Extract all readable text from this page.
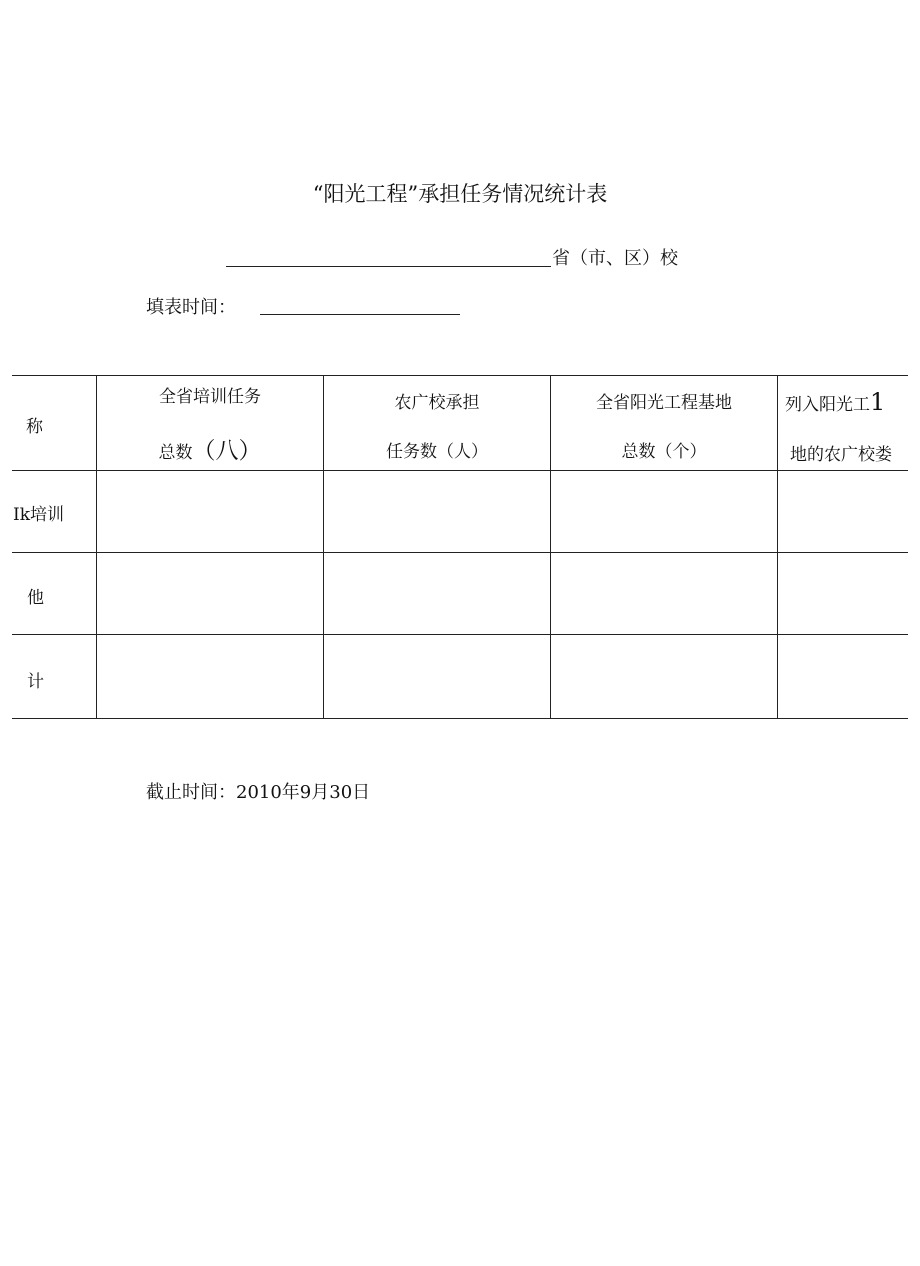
“阳光工程”承担任务情况统计表
省（市、区）校
填表时间：
称
全省培训任务
总数（八）
农广校承担
任务数（人）
全省阳光工程基地
总数（个）
列入阳光工1
地的农广校娄
Ik培训
他
计
截止时间：2010年9月30日
